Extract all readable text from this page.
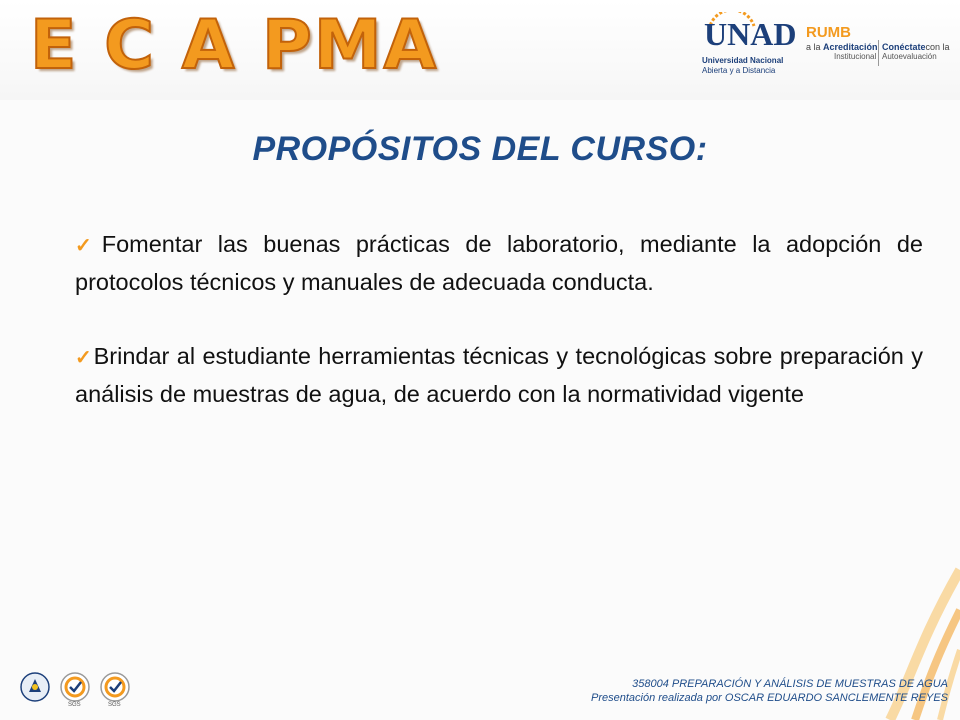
E C A PMA	UNAD
Universidad Nacional
Abierta y a Distancia
RUMB
a la Acreditación
Institucional
Conéctatecon la
Autoevaluación
PROPÓSITOS DEL CURSO:

✓Fomentar las buenas prácticas de laboratorio, mediante la adopción de protocolos técnicos y manuales de adecuada conducta.

✓Brindar al estudiante herramientas técnicas y tecnológicas sobre preparación y análisis de muestras de agua, de acuerdo con la normatividad vigente

SGS	SGS
358004 PREPARACIÓN Y ANÁLISIS DE MUESTRAS DE AGUA
Presentación realizada por OSCAR EDUARDO SANCLEMENTE REYES
